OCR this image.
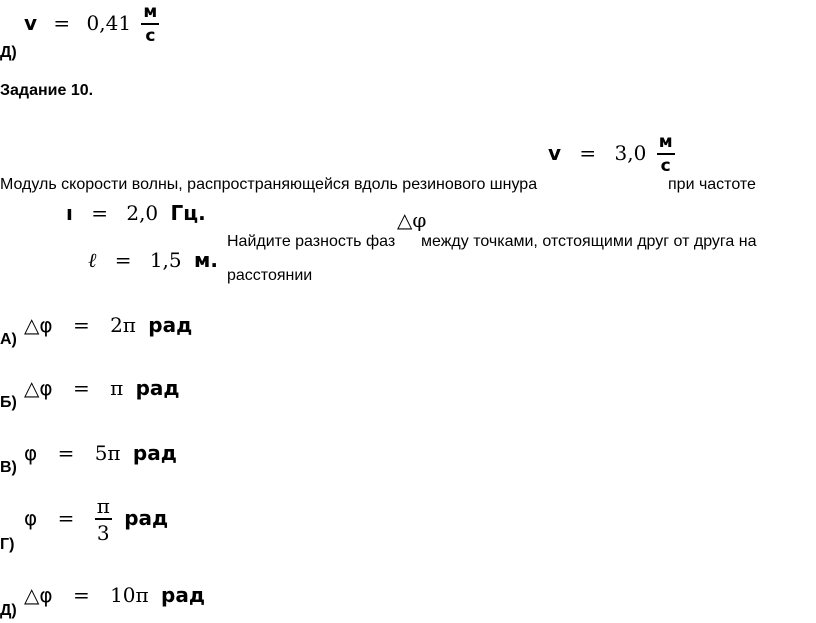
$v = 0,41 \frac{м}{с}$
Д)
Задание 10.
$v = 3,0 \frac{м}{с}$
Модуль скорости волны, распространяющейся вдоль резинового шнура	при частоте
ı = 2,0 Гц.
ℓ = 1,5 м.
Найдите разность фаз
△φ
между точками, отстоящими друг от друга на
расстоянии
△φ = 2π рад
А)
△φ = π рад
Б)
φ = 5π рад
В)
$\varphi = \frac{\pi}{3}$ рад
Г)
△φ = 10π рад
Д)
